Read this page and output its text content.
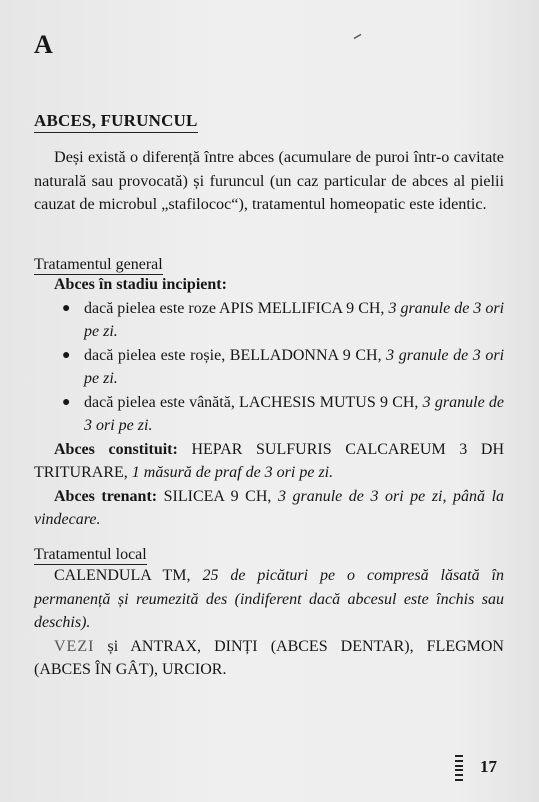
A	ᐟ
ABCES, FURUNCUL

Deși există o diferență între abces (acumulare de puroi într-o cavitate naturală sau provocată) și furuncul (un caz particular de abces al pielii cauzat de microbul „stafilococ“), tratamentul homeopatic este identic.

Tratamentul general
Abces în stadiu incipient:
● dacă pielea este roze APIS MELLIFICA 9 CH, 3 granule de 3 ori pe zi.
● dacă pielea este roșie, BELLADONNA 9 CH, 3 granule de 3 ori pe zi.
● dacă pielea este vânătă, LACHESIS MUTUS 9 CH, 3 granule de 3 ori pe zi.
Abces constituit: HEPAR SULFURIS CALCAREUM 3 DH TRITURARE, 1 măsură de praf de 3 ori pe zi.
Abces trenant: SILICEA 9 CH, 3 granule de 3 ori pe zi, până la vindecare.
Tratamentul local
CALENDULA TM, 25 de picături pe o compresă lăsată în permanență și reumezită des (indiferent dacă abcesul este închis sau deschis).
VEZI și ANTRAX, DINȚI (ABCES DENTAR), FLEGMON (ABCES ÎN GÂT), URCIOR.
17
